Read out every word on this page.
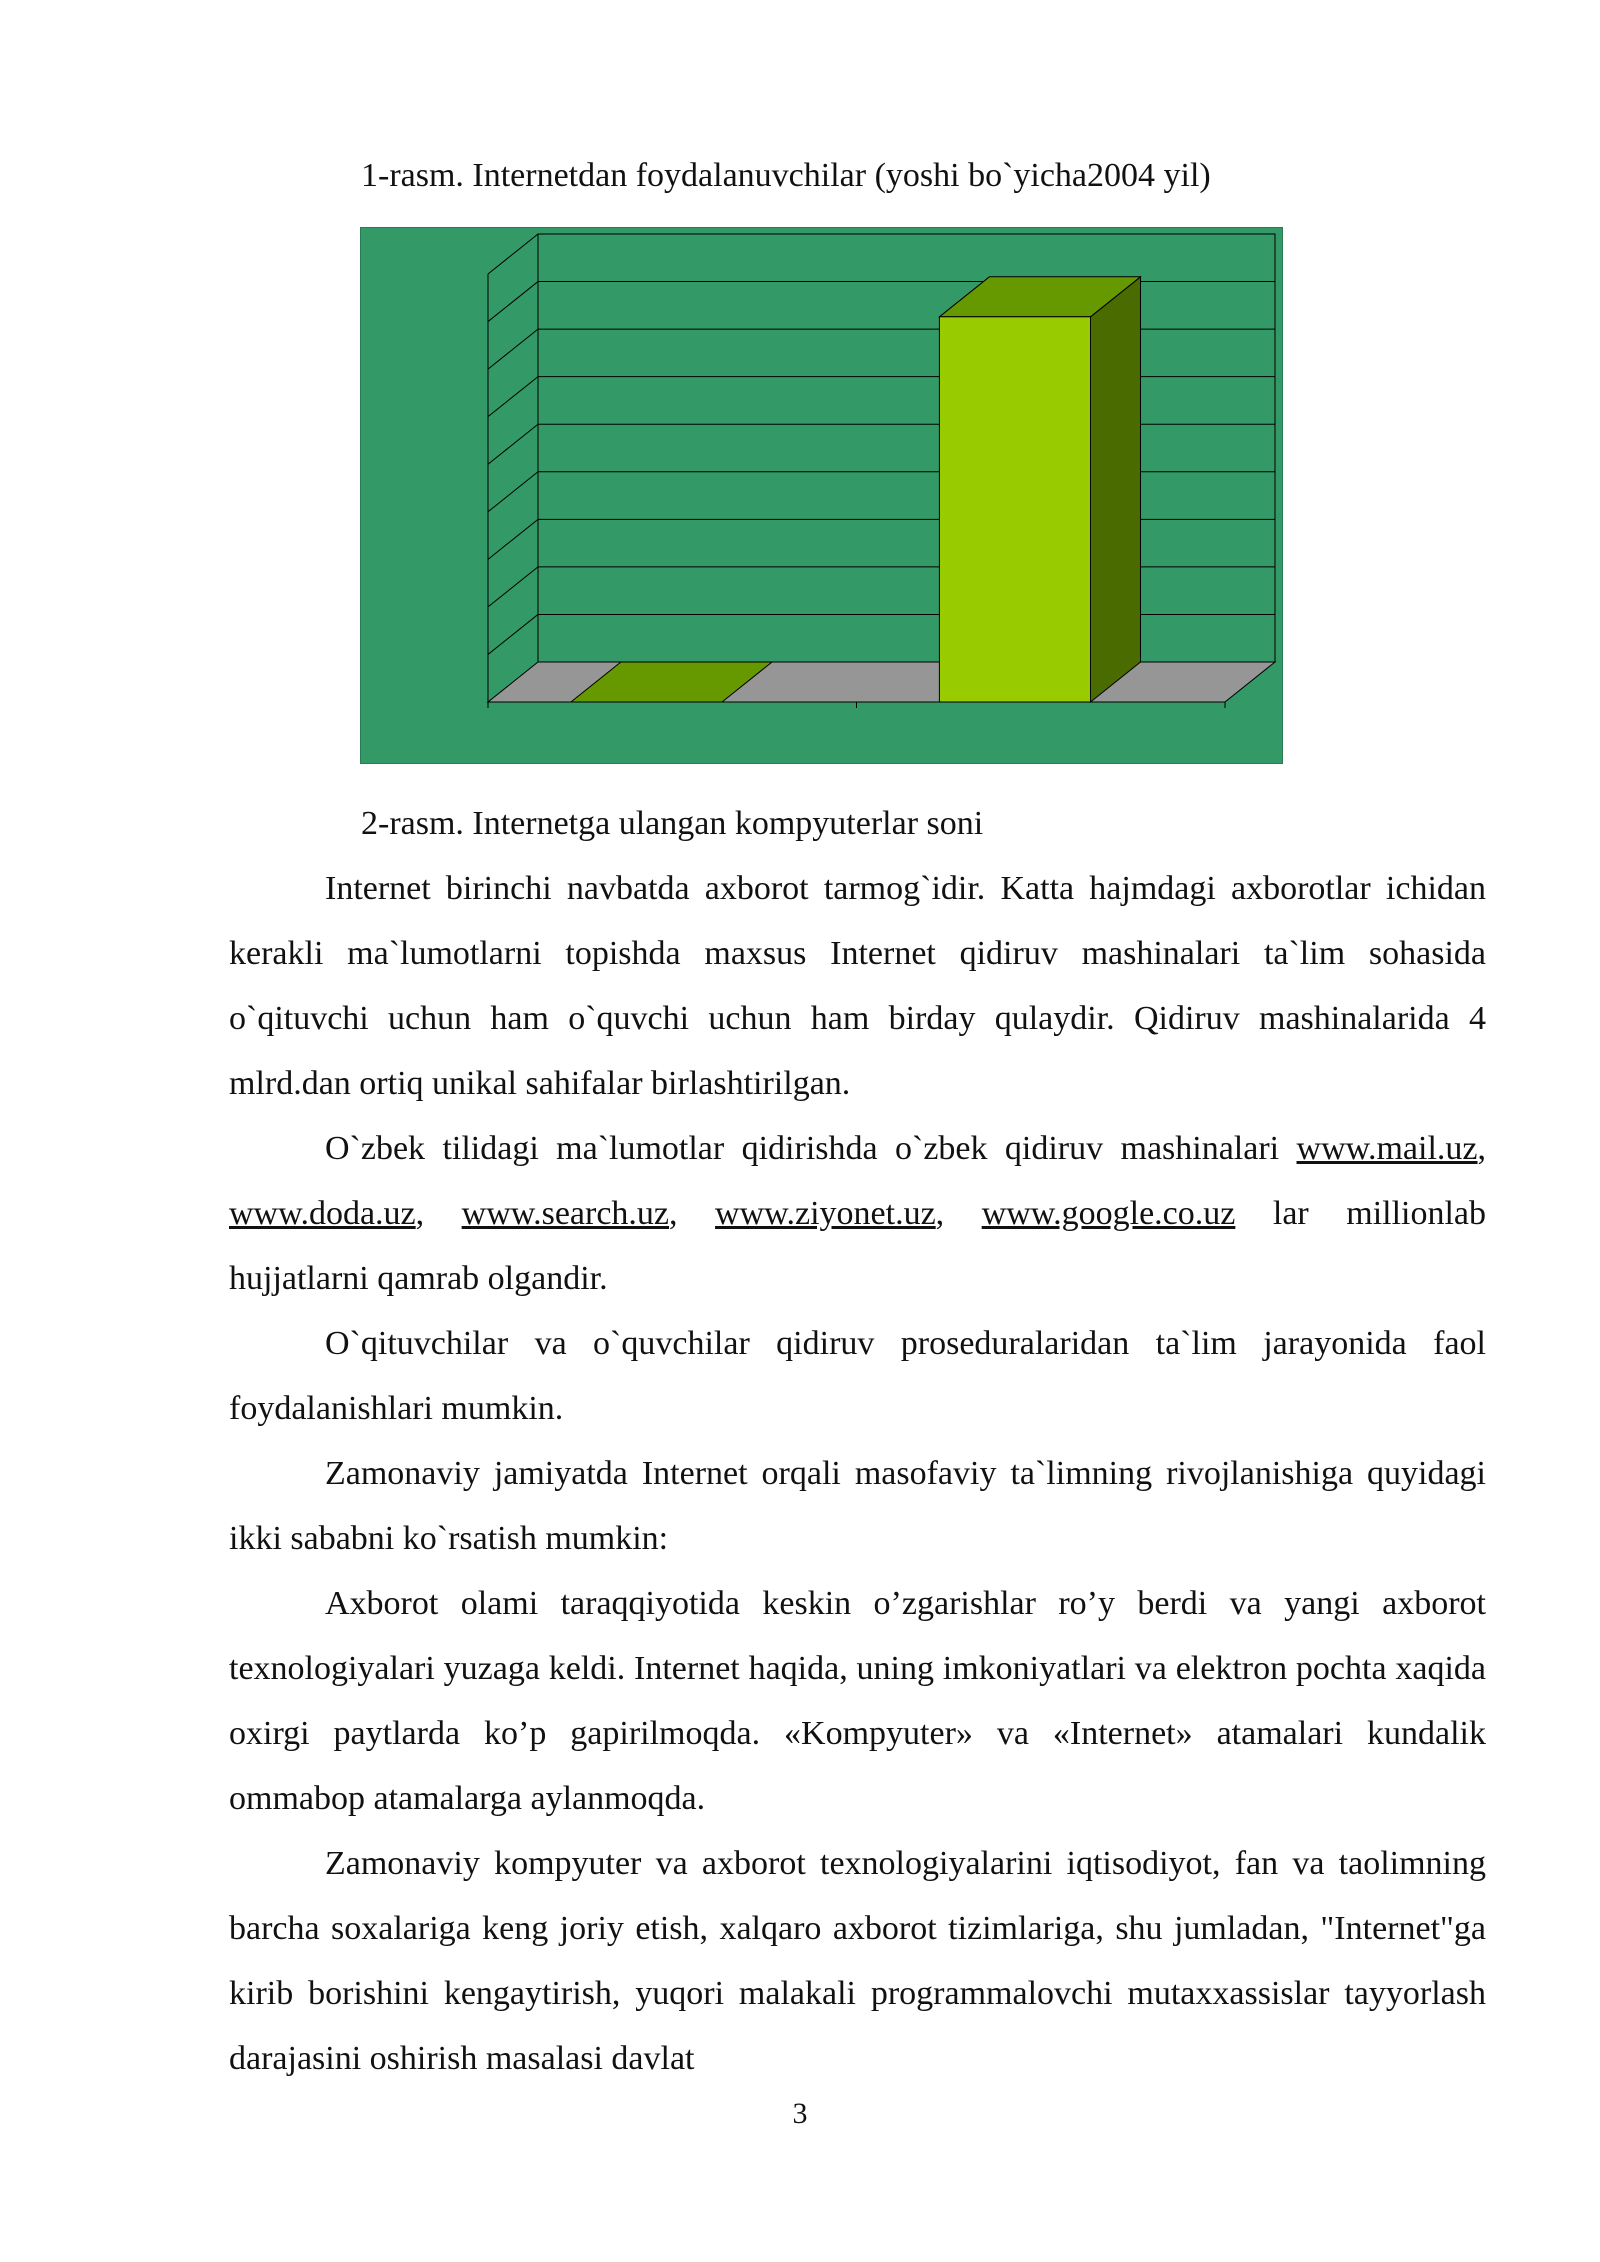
1-rasm. Internetdan foydalanuvchilar (yoshi bo`yicha2004 yil)
2-rasm. Internetga ulangan kompyuterlar soni

Internet birinchi navbatda axborot tarmog`idir. Katta hajmdagi axborotlar ichidan kerakli ma`lumotlarni topishda maxsus Internet qidiruv mashinalari ta`lim sohasida o`qituvchi uchun ham o`quvchi uchun ham birday qulaydir. Qidiruv mashinalarida 4 mlrd.dan ortiq unikal sahifalar birlashtirilgan.

O`zbek tilidagi ma`lumotlar qidirishda o`zbek qidiruv mashinalari www.mail.uz, www.doda.uz, www.search.uz, www.ziyonet.uz, www.google.co.uz lar millionlab hujjatlarni qamrab olgandir.

O`qituvchilar va o`quvchilar qidiruv proseduralaridan ta`lim jarayonida faol foydalanishlari mumkin.

Zamonaviy jamiyatda Internet orqali masofaviy ta`limning rivojlanishiga quyidagi ikki sababni ko`rsatish mumkin:

Axborot olami taraqqiyotida keskin o’zgarishlar ro’y berdi va yangi axborot texnologiyalari yuzaga keldi. Internet haqida, uning imkoniyatlari va elektron pochta xaqida oxirgi paytlarda ko’p gapirilmoqda. «Kompyuter» va «Internet» atamalari kundalik ommabop atamalarga aylanmoqda.

Zamonaviy kompyuter va axborot texnologiyalarini iqtisodiyot, fan va taolimning barcha soxalariga keng joriy etish, xalqaro axborot tizimlariga, shu jumladan, "Internet"ga kirib borishini kengaytirish, yuqori malakali programmalovchi mutaxxassislar tayyorlash darajasini oshirish masalasi davlat

3
